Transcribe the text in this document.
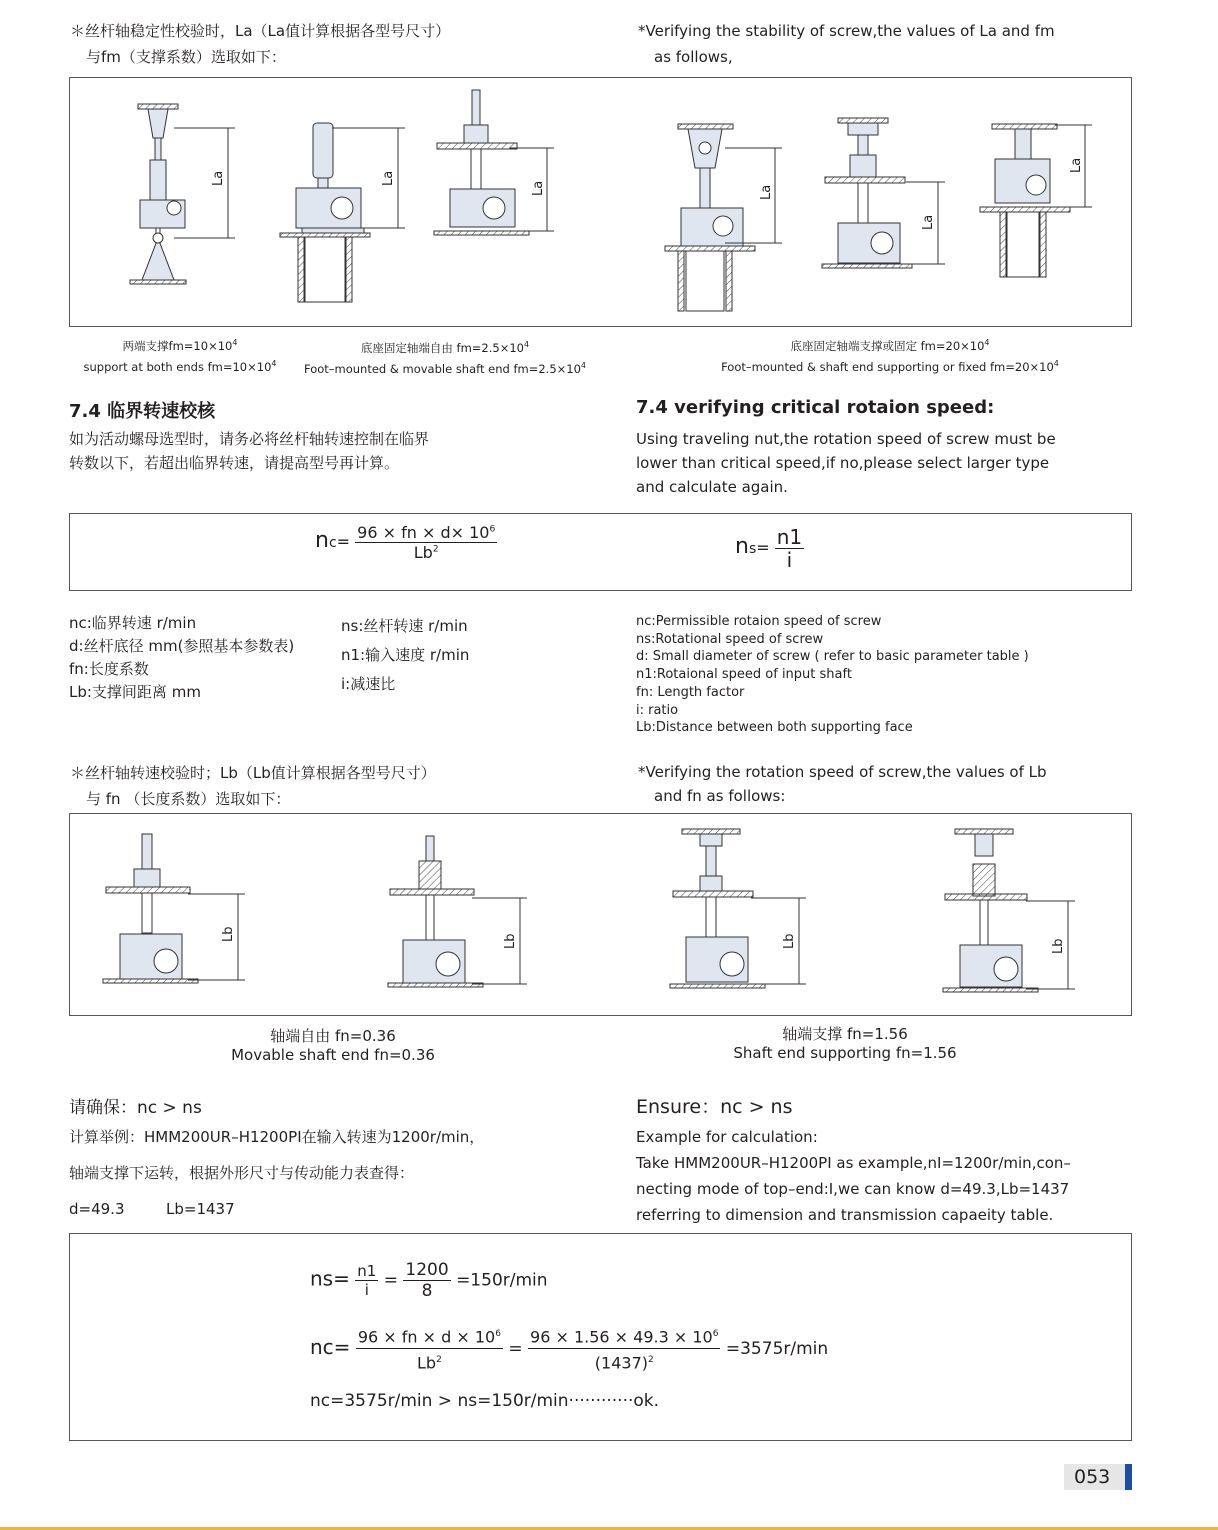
＊丝杆轴稳定性校验时，La（La值计算根据各型号尺寸）
与fm（支撑系数）选取如下：
*Verifying the stability of screw,the values of La and fm
as follows,
La	La
La	La
La
La
两端支撑$fm=10\times 10^4$
support at both ends $fm=10\times 10^4$
底座固定轴端自由 $fm=2.5\times 10^4$
Foot–mounted & movable shaft end $fm=2.5\times 10^4$
底座固定轴端支撑或固定 $fm=20\times 10^4$
Foot–mounted & shaft end supporting or fixed $fm=20\times 10^4$
7.4 临界转速校核
如为活动螺母选型时，请务必将丝杆轴转速控制在临界
转数以下，若超出临界转速，请提高型号再计算。
7.4 verifying critical rotaion speed:
Using traveling nut,the rotation speed of screw must be
lower than critical speed,if no,please select larger type
and calculate again.
$nc= \frac{96 \times fn \times d\times 10^6}{Lb^2}$	$ns= \frac{n1}{i}$
nc:临界转速 r/min
d:丝杆底径 mm(参照基本参数表)
fn:长度系数
Lb:支撑间距离 mm
ns:丝杆转速 r/min
n1:输入速度 r/min
i:减速比
nc:Permissible rotaion speed of screw
ns:Rotational speed of screw
d: Small diameter of screw ( refer to basic parameter table )
n1:Rotaional speed of input shaft
fn: Length factor
i: ratio
Lb:Distance between both supporting face
＊丝杆轴转速校验时；Lb（Lb值计算根据各型号尺寸）
与 fn （长度系数）选取如下：
*Verifying the rotation speed of screw,the values of Lb
and fn as follows:
Lb	Lb	Lb	Lb
轴端自由 fn=0.36
Movable shaft end fn=0.36
轴端支撑 fn=1.56
Shaft end supporting fn=1.56
请确保：nc > ns
计算举例：HMM200UR–H1200PI在输入转速为1200r/min，
轴端支撑下运转，根据外形尺寸与传动能力表查得：
d=49.3	Lb=1437
Ensure：nc > ns
Example for calculation:
Take HMM200UR–H1200PI as example,nI=1200r/min,con–
necting mode of top–end:I,we can know d=49.3,Lb=1437
referring to dimension and transmission capaeity table.
$ns= \frac{n1}{i} = \frac{1200}{8} =150r/\min$
$nc= \frac{96 \times fn \times d \times 10^6}{Lb^2} = \frac{96 \times 1.56 \times 49.3 \times 10^6}{(1437)^2} =3575r/\min$
nc=3575r/min > ns=150r/min············ok.
053
